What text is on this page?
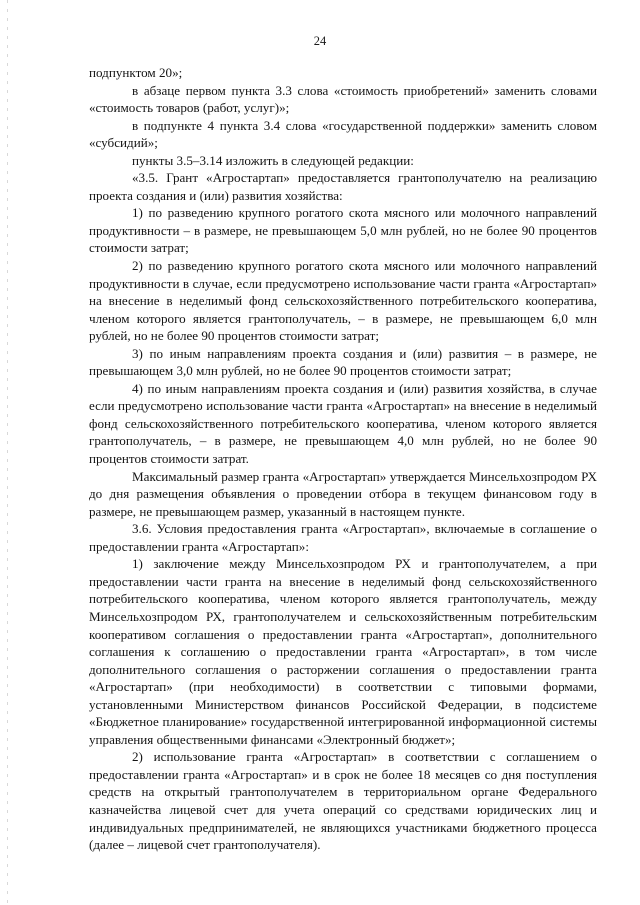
24

подпунктом 20»;

в абзаце первом пункта 3.3 слова «стоимость приобретений» заменить словами «стоимость товаров (работ, услуг)»;

в подпункте 4 пункта 3.4 слова «государственной поддержки» заменить словом «субсидий»;

пункты 3.5–3.14 изложить в следующей редакции:

«3.5. Грант «Агростартап» предоставляется грантополучателю на реализацию проекта создания и (или) развития хозяйства:

1) по разведению крупного рогатого скота мясного или молочного направлений продуктивности – в размере, не превышающем 5,0 млн рублей, но не более 90 процентов стоимости затрат;

2) по разведению крупного рогатого скота мясного или молочного направлений продуктивности в случае, если предусмотрено использование части гранта «Агростартап» на внесение в неделимый фонд сельскохозяйственного потребительского кооператива, членом которого является грантополучатель, – в размере, не превышающем 6,0 млн рублей, но не более 90 процентов стоимости затрат;

3) по иным направлениям проекта создания и (или) развития – в размере, не превышающем 3,0 млн рублей, но не более 90 процентов стоимости затрат;

4) по иным направлениям проекта создания и (или) развития хозяйства, в случае если предусмотрено использование части гранта «Агростартап» на внесение в неделимый фонд сельскохозяйственного потребительского кооператива, членом которого является грантополучатель, – в размере, не превышающем 4,0 млн рублей, но не более 90 процентов стоимости затрат.

Максимальный размер гранта «Агростартап» утверждается Минсельхозпродом РХ до дня размещения объявления о проведении отбора в текущем финансовом году в размере, не превышающем размер, указанный в настоящем пункте.

3.6. Условия предоставления гранта «Агростартап», включаемые в соглашение о предоставлении гранта «Агростартап»:

1) заключение между Минсельхозпродом РХ и грантополучателем, а при предоставлении части гранта на внесение в неделимый фонд сельскохозяйственного потребительского кооператива, членом которого является грантополучатель, между Минсельхозпродом РХ, грантополучателем и сельскохозяйственным потребительским кооперативом соглашения о предоставлении гранта «Агростартап», дополнительного соглашения к соглашению о предоставлении гранта «Агростартап», в том числе дополнительного соглашения о расторжении соглашения о предоставлении гранта «Агростартап» (при необходимости) в соответствии с типовыми формами, установленными Министерством финансов Российской Федерации, в подсистеме «Бюджетное планирование» государственной интегрированной информационной системы управления общественными финансами «Электронный бюджет»;

2) использование гранта «Агростартап» в соответствии с соглашением о предоставлении гранта «Агростартап» и в срок не более 18 месяцев со дня поступления средств на открытый грантополучателем в территориальном органе Федерального казначейства лицевой счет для учета операций со средствами юридических лиц и индивидуальных предпринимателей, не являющихся участниками бюджетного процесса (далее – лицевой счет грантополучателя).
